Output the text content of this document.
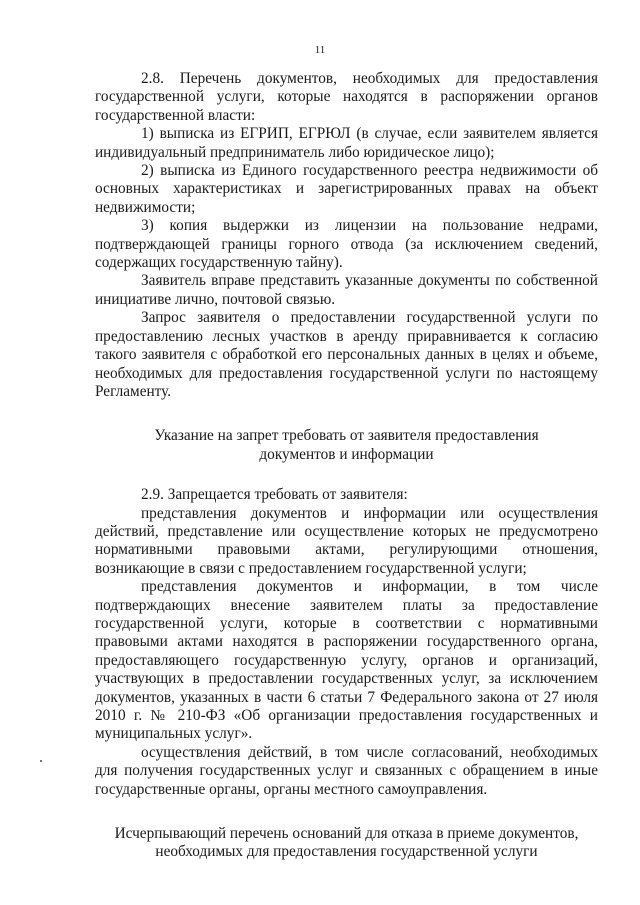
11

2.8. Перечень документов, необходимых для предоставления государственной услуги, которые находятся в распоряжении органов государственной власти:

1) выписка из ЕГРИП, ЕГРЮЛ (в случае, если заявителем является индивидуальный предприниматель либо юридическое лицо);

2) выписка из Единого государственного реестра недвижимости об основных характеристиках и зарегистрированных правах на объект недвижимости;

3) копия выдержки из лицензии на пользование недрами, подтверждающей границы горного отвода (за исключением сведений, содержащих государственную тайну).

Заявитель вправе представить указанные документы по собственной инициативе лично, почтовой связью.

Запрос заявителя о предоставлении государственной услуги по предоставлению лесных участков в аренду приравнивается к согласию такого заявителя с обработкой его персональных данных в целях и объеме, необходимых для предоставления государственной услуги по настоящему Регламенту.

Указание на запрет требовать от заявителя предоставления
документов и информации

2.9. Запрещается требовать от заявителя:

представления документов и информации или осуществления действий, представление или осуществление которых не предусмотрено нормативными правовыми актами, регулирующими отношения, возникающие в связи с предоставлением государственной услуги;

представления документов и информации, в том числе подтверждающих внесение заявителем платы за предоставление государственной услуги, которые в соответствии с нормативными правовыми актами находятся в распоряжении государственного органа, предоставляющего государственную услугу, органов и организаций, участвующих в предоставлении государственных услуг, за исключением документов, указанных в части 6 статьи 7 Федерального закона от 27 июля 2010 г. № 210-ФЗ «Об организации предоставления государственных и муниципальных услуг».

осуществления действий, в том числе согласований, необходимых для получения государственных услуг и связанных с обращением в иные государственные органы, органы местного самоуправления.

Исчерпывающий перечень оснований для отказа в приеме документов,
необходимых для предоставления государственной услуги
